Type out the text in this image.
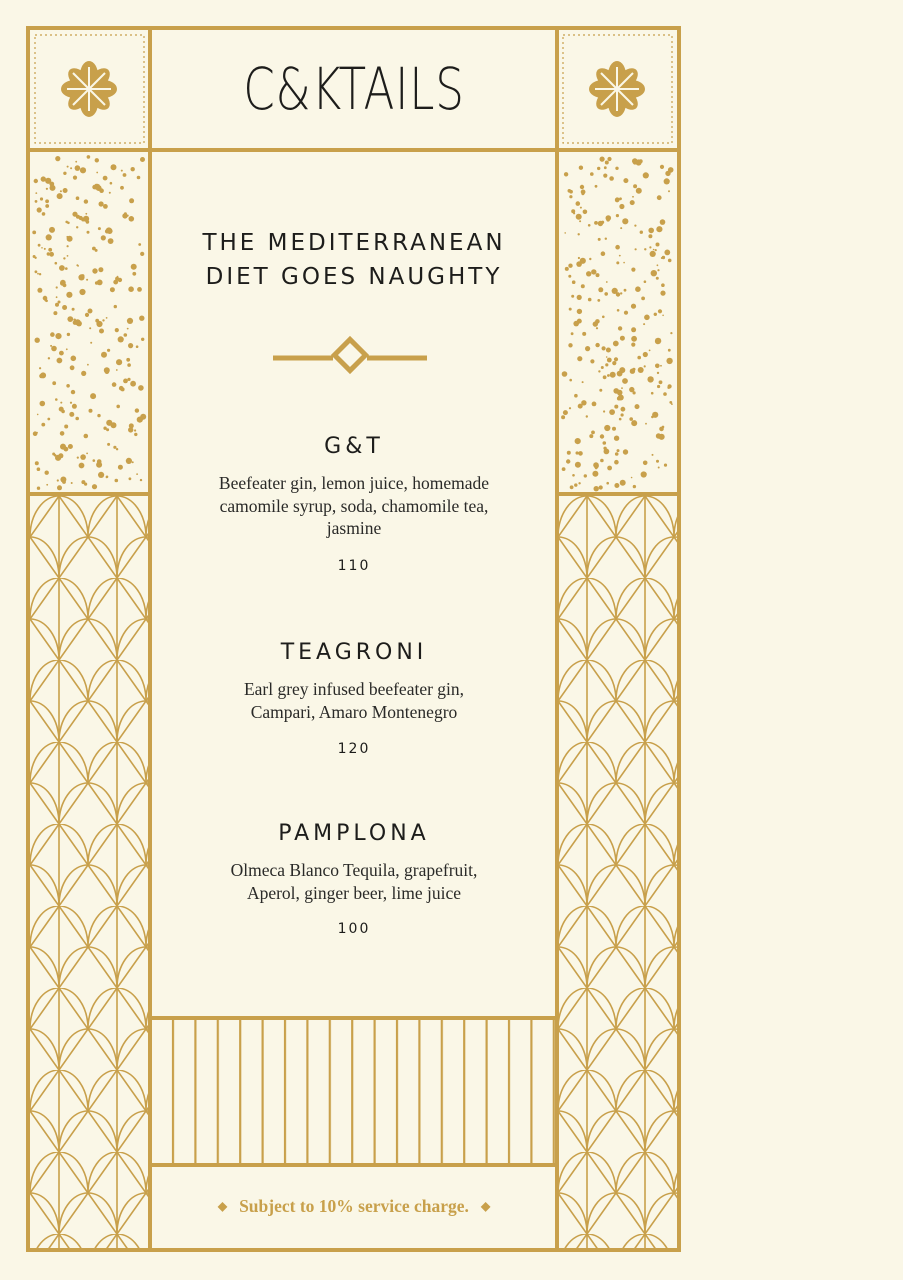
C&KTAILS
THE MEDITERRANEAN
DIET GOES NAUGHTY
G&T
Beefeater gin, lemon juice, homemade
camomile syrup, soda, chamomile tea,
jasmine
110
TEAGRONI
Earl grey infused beefeater gin,
Campari, Amaro Montenegro
120
PAMPLONA
Olmeca Blanco Tequila, grapefruit,
Aperol, ginger beer, lime juice
100
◆ Subject to 10% service charge. ◆
